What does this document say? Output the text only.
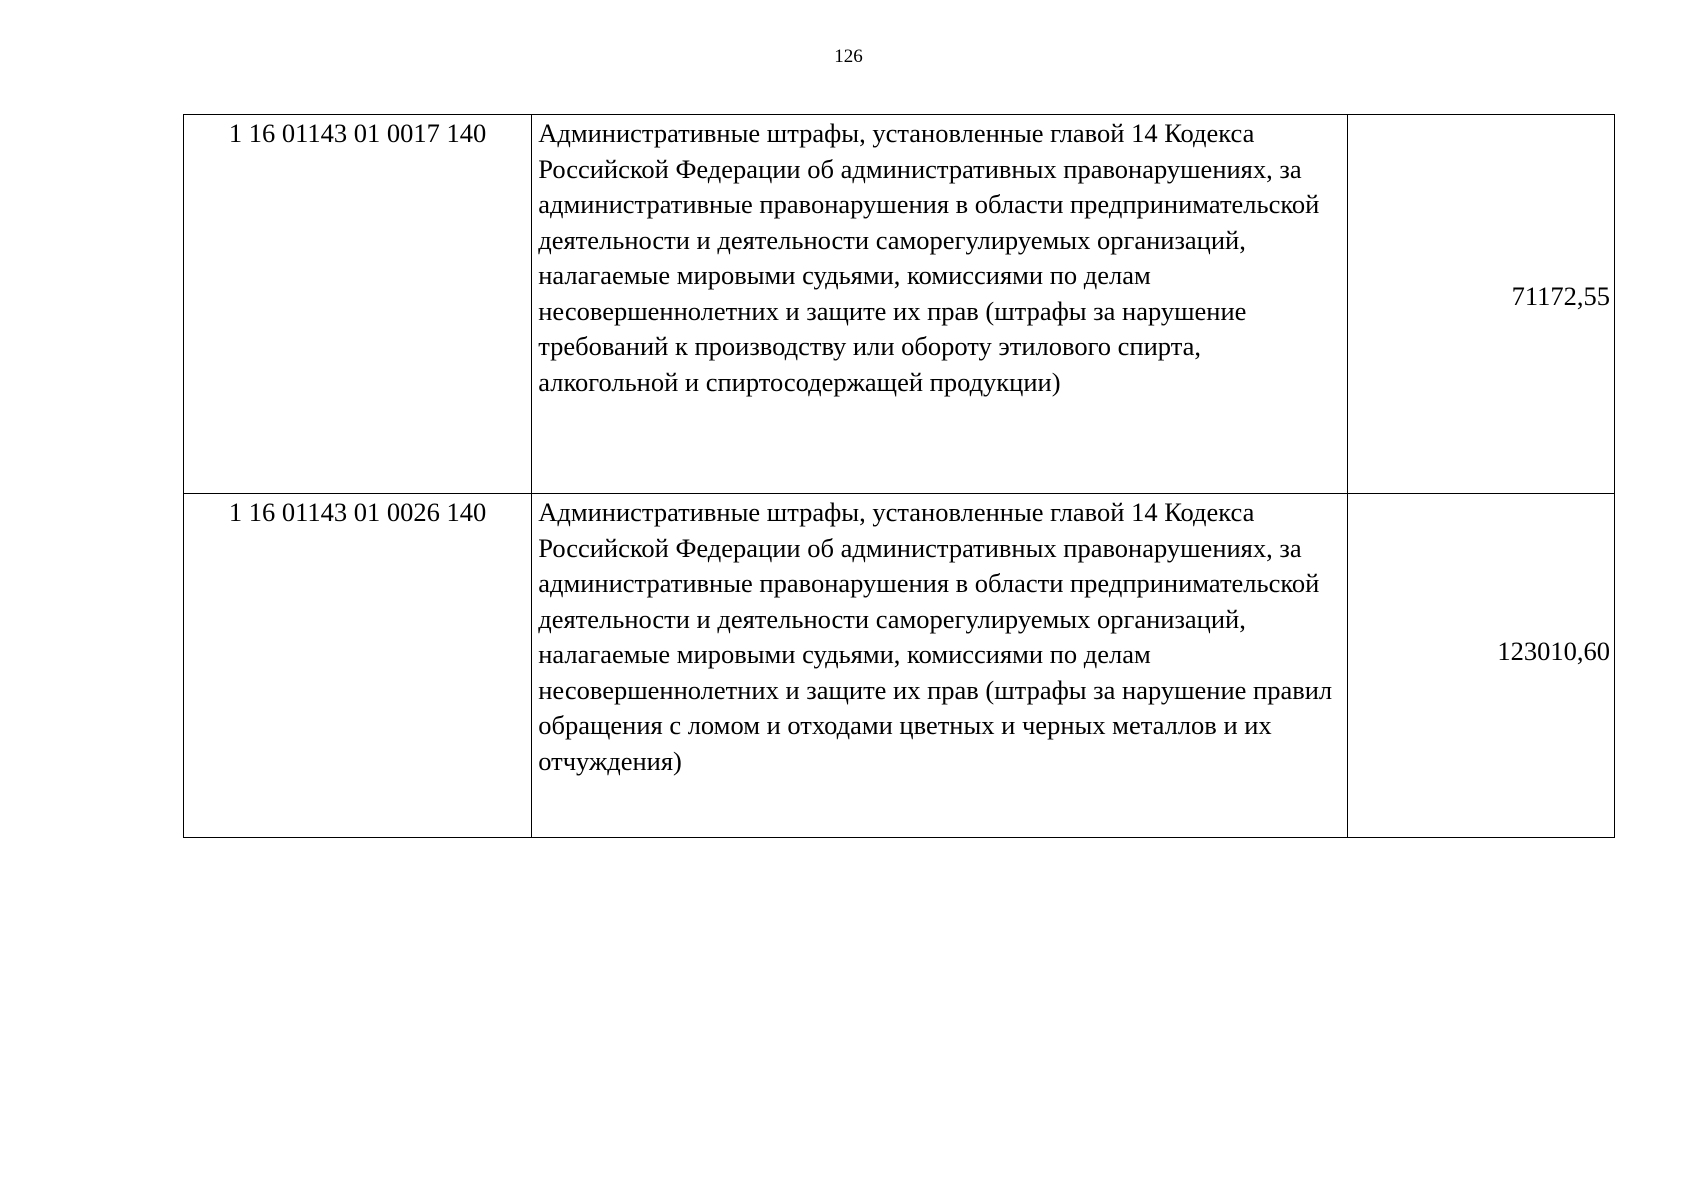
126
1 16 01143 01 0017 140	Административные штрафы, установленные главой 14 Кодекса Российской Федерации об административных правонарушениях, за административные правонарушения в области предпринимательской деятельности и деятельности саморегулируемых организаций, налагаемые мировыми судьями, комиссиями по делам несовершеннолетних и защите их прав (штрафы за нарушение требований к производству или обороту этилового спирта, алкогольной и спиртосодержащей продукции)	71172,55
1 16 01143 01 0026 140	Административные штрафы, установленные главой 14 Кодекса Российской Федерации об административных правонарушениях, за административные правонарушения в области предпринимательской деятельности и деятельности саморегулируемых организаций, налагаемые мировыми судьями, комиссиями по делам несовершеннолетних и защите их прав (штрафы за нарушение правил обращения с ломом и отходами цветных и черных металлов и их отчуждения)	123010,60
